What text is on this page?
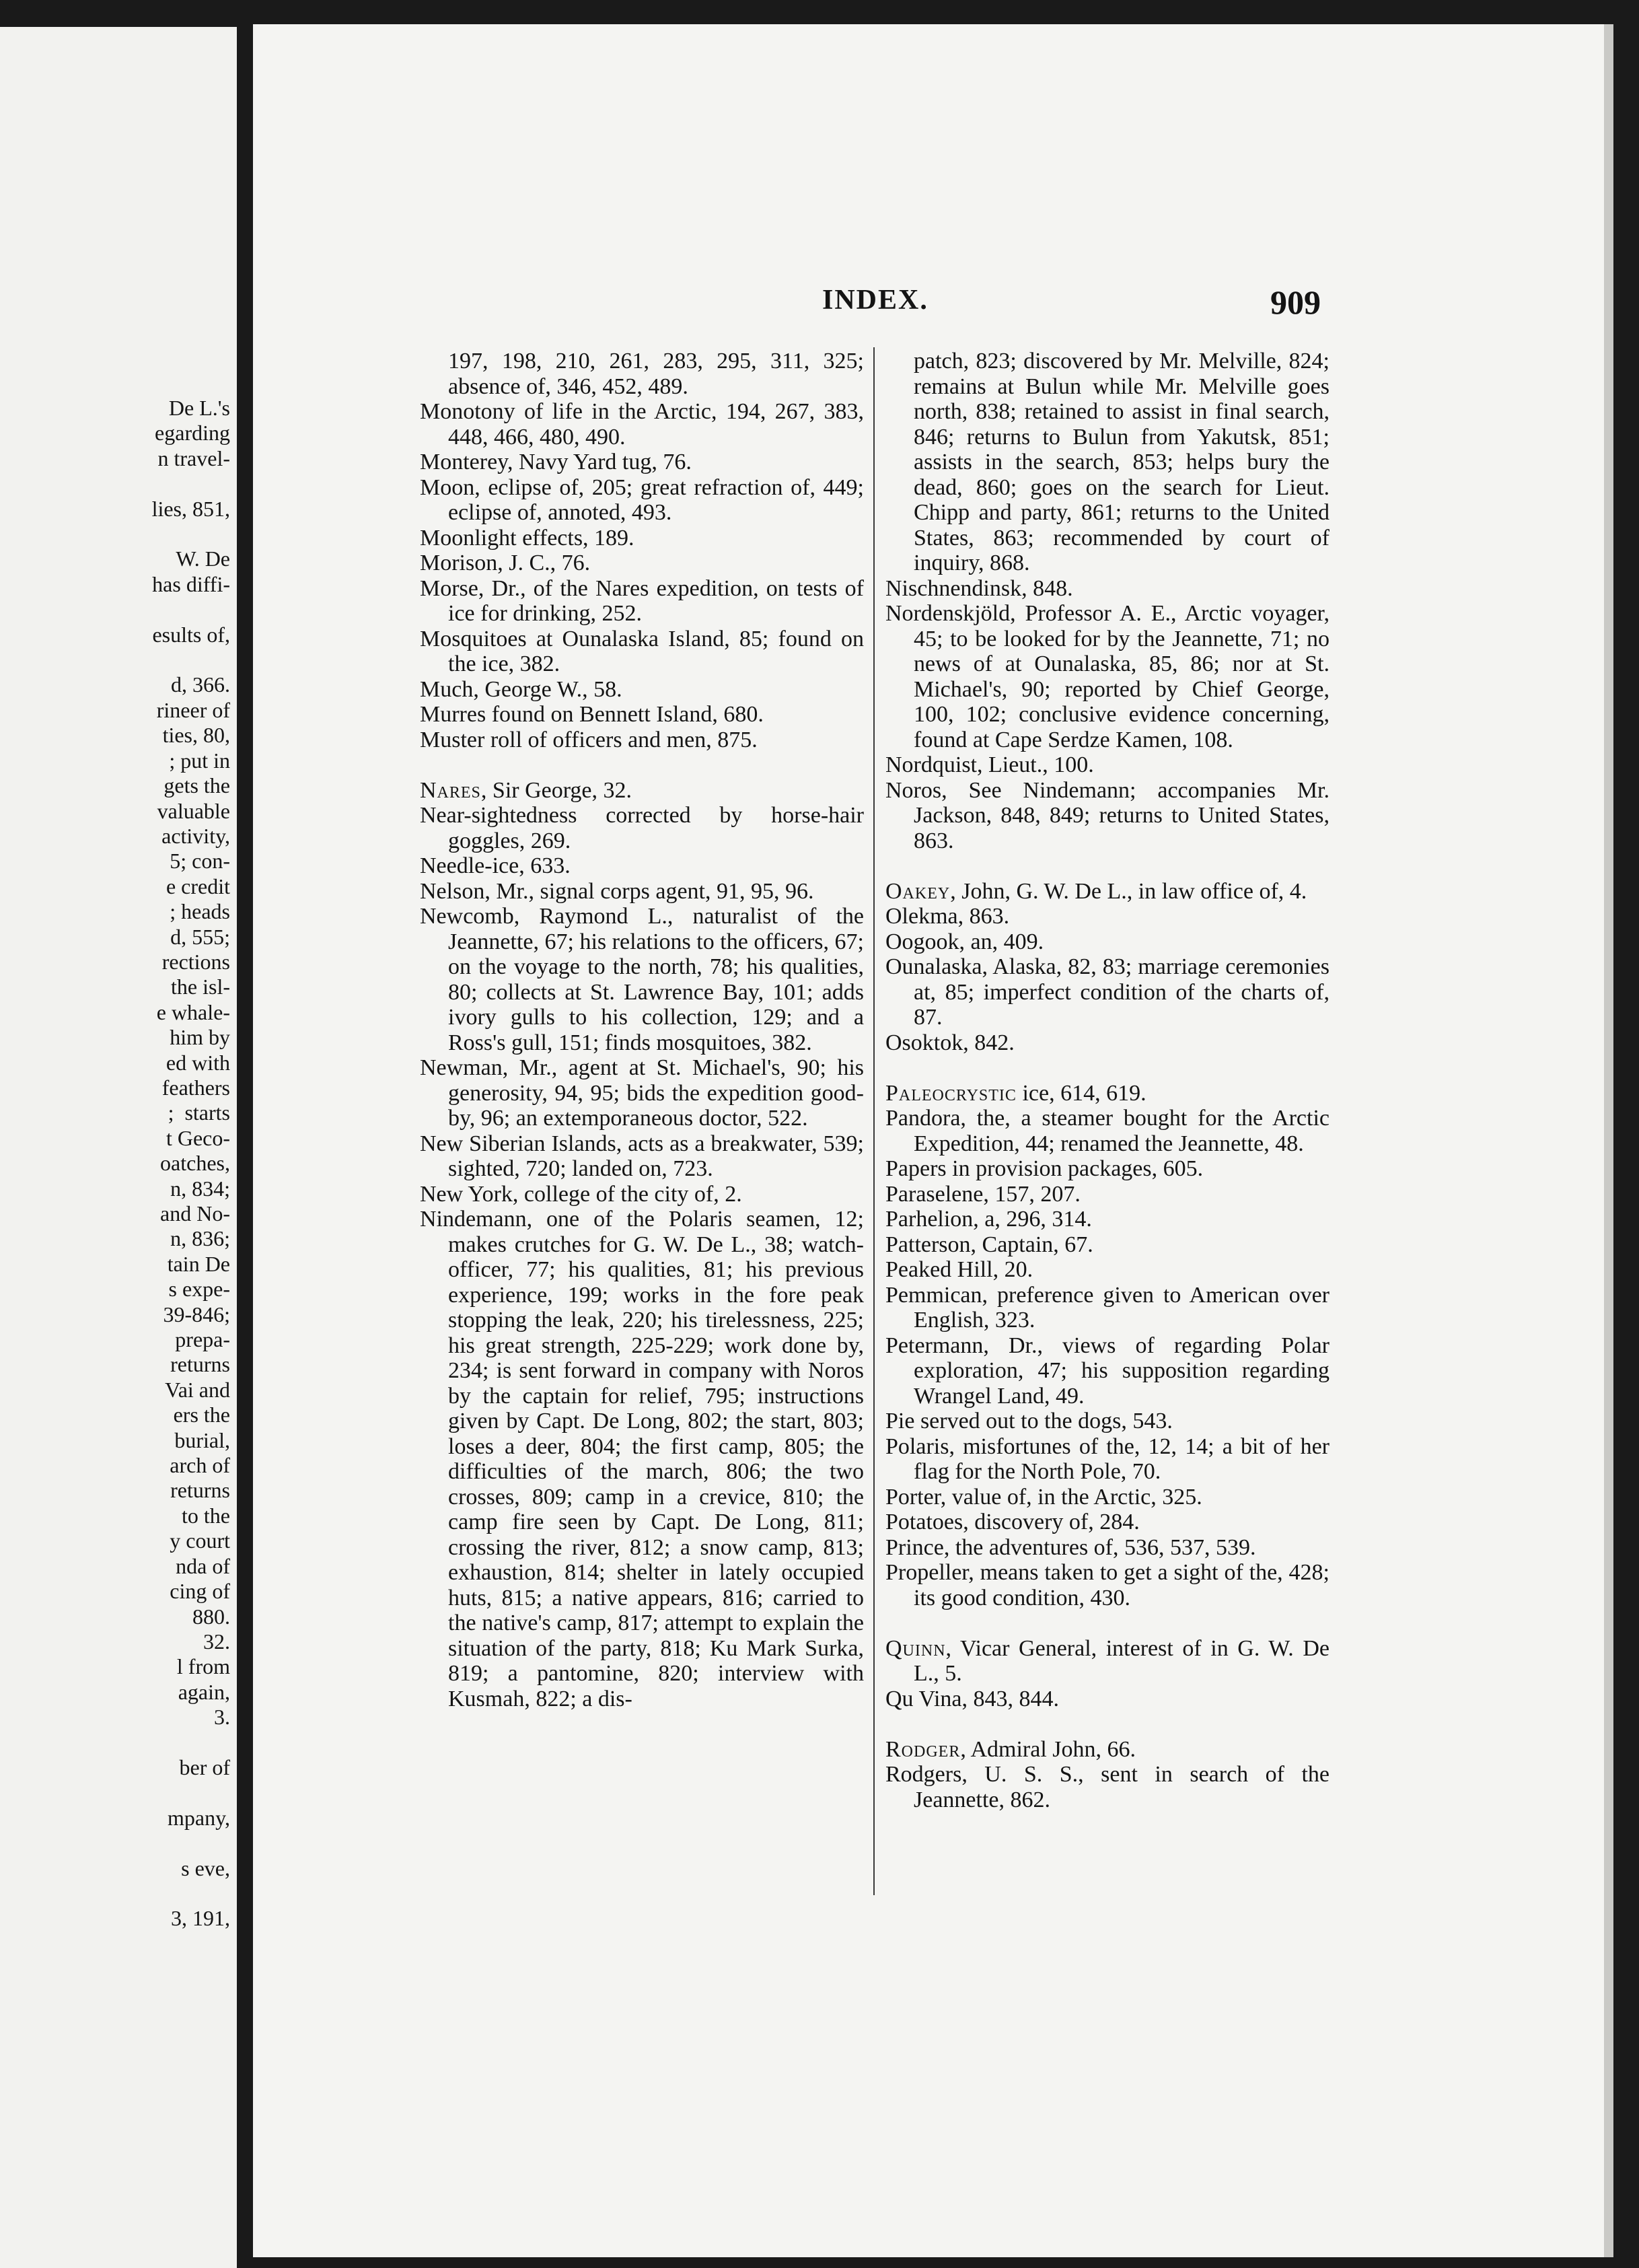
De L.'s
egarding
n travel-

lies, 851,

W. De
has diffi-

esults of,

d, 366.
rineer of
ties, 80,
; put in
gets the
valuable
activity,
5; con-
e credit
; heads
d, 555;
rections
the isl-
e whale-
him by
ed with
feathers
;  starts
t Geco-
oatches,
n, 834;
and No-
n, 836;
tain De
s expe-
39-846;
prepa-
returns
Vai and
ers the
burial,
arch of
returns
to the
y court
nda of
cing of
880.
32.
l from
again,
3.

ber of

mpany,

s eve,

3, 191,
INDEX.	909

197, 198, 210, 261, 283, 295, 311, 325; absence of, 346, 452, 489.

Monotony of life in the Arctic, 194, 267, 383, 448, 466, 480, 490.

Monterey, Navy Yard tug, 76.

Moon, eclipse of, 205; great refraction of, 449; eclipse of, annoted, 493.

Moonlight effects, 189.

Morison, J. C., 76.

Morse, Dr., of the Nares expedition, on tests of ice for drinking, 252.

Mosquitoes at Ounalaska Island, 85; found on the ice, 382.

Much, George W., 58.

Murres found on Bennett Island, 680.

Muster roll of officers and men, 875.

Nares, Sir George, 32.

Near-sightedness corrected by horse-hair goggles, 269.

Needle-ice, 633.

Nelson, Mr., signal corps agent, 91, 95, 96.

Newcomb, Raymond L., naturalist of the Jeannette, 67; his relations to the officers, 67; on the voyage to the north, 78; his qualities, 80; collects at St. Lawrence Bay, 101; adds ivory gulls to his collection, 129; and a Ross's gull, 151; finds mosquitoes, 382.

Newman, Mr., agent at St. Michael's, 90; his generosity, 94, 95; bids the expedition good-by, 96; an extemporaneous doctor, 522.

New Siberian Islands, acts as a breakwater, 539; sighted, 720; landed on, 723.

New York, college of the city of, 2.

Nindemann, one of the Polaris seamen, 12; makes crutches for G. W. De L., 38; watch-officer, 77; his qualities, 81; his previous experience, 199; works in the fore peak stopping the leak, 220; his tirelessness, 225; his great strength, 225-229; work done by, 234; is sent forward in company with Noros by the captain for relief, 795; instructions given by Capt. De Long, 802; the start, 803; loses a deer, 804; the first camp, 805; the difficulties of the march, 806; the two crosses, 809; camp in a crevice, 810; the camp fire seen by Capt. De Long, 811; crossing the river, 812; a snow camp, 813; exhaustion, 814; shelter in lately occupied huts, 815; a native appears, 816; carried to the native's camp, 817; attempt to explain the situation of the party, 818; Ku Mark Surka, 819; a pantomine, 820; interview with Kusmah, 822; a dis-

patch, 823; discovered by Mr. Melville, 824; remains at Bulun while Mr. Melville goes north, 838; retained to assist in final search, 846; returns to Bulun from Yakutsk, 851; assists in the search, 853; helps bury the dead, 860; goes on the search for Lieut. Chipp and party, 861; returns to the United States, 863; recommended by court of inquiry, 868.

Nischnendinsk, 848.

Nordenskjöld, Professor A. E., Arctic voyager, 45; to be looked for by the Jeannette, 71; no news of at Ounalaska, 85, 86; nor at St. Michael's, 90; reported by Chief George, 100, 102; conclusive evidence concerning, found at Cape Serdze Kamen, 108.

Nordquist, Lieut., 100.

Noros, See Nindemann; accompanies Mr. Jackson, 848, 849; returns to United States, 863.

Oakey, John, G. W. De L., in law office of, 4.

Olekma, 863.

Oogook, an, 409.

Ounalaska, Alaska, 82, 83; marriage ceremonies at, 85; imperfect condition of the charts of, 87.

Osoktok, 842.

Paleocrystic ice, 614, 619.

Pandora, the, a steamer bought for the Arctic Expedition, 44; renamed the Jeannette, 48.

Papers in provision packages, 605.

Paraselene, 157, 207.

Parhelion, a, 296, 314.

Patterson, Captain, 67.

Peaked Hill, 20.

Pemmican, preference given to American over English, 323.

Petermann, Dr., views of regarding Polar exploration, 47; his supposition regarding Wrangel Land, 49.

Pie served out to the dogs, 543.

Polaris, misfortunes of the, 12, 14; a bit of her flag for the North Pole, 70.

Porter, value of, in the Arctic, 325.

Potatoes, discovery of, 284.

Prince, the adventures of, 536, 537, 539.

Propeller, means taken to get a sight of the, 428; its good condition, 430.

Quinn, Vicar General, interest of in G. W. De L., 5.

Qu Vina, 843, 844.

Rodger, Admiral John, 66.

Rodgers, U. S. S., sent in search of the Jeannette, 862.
